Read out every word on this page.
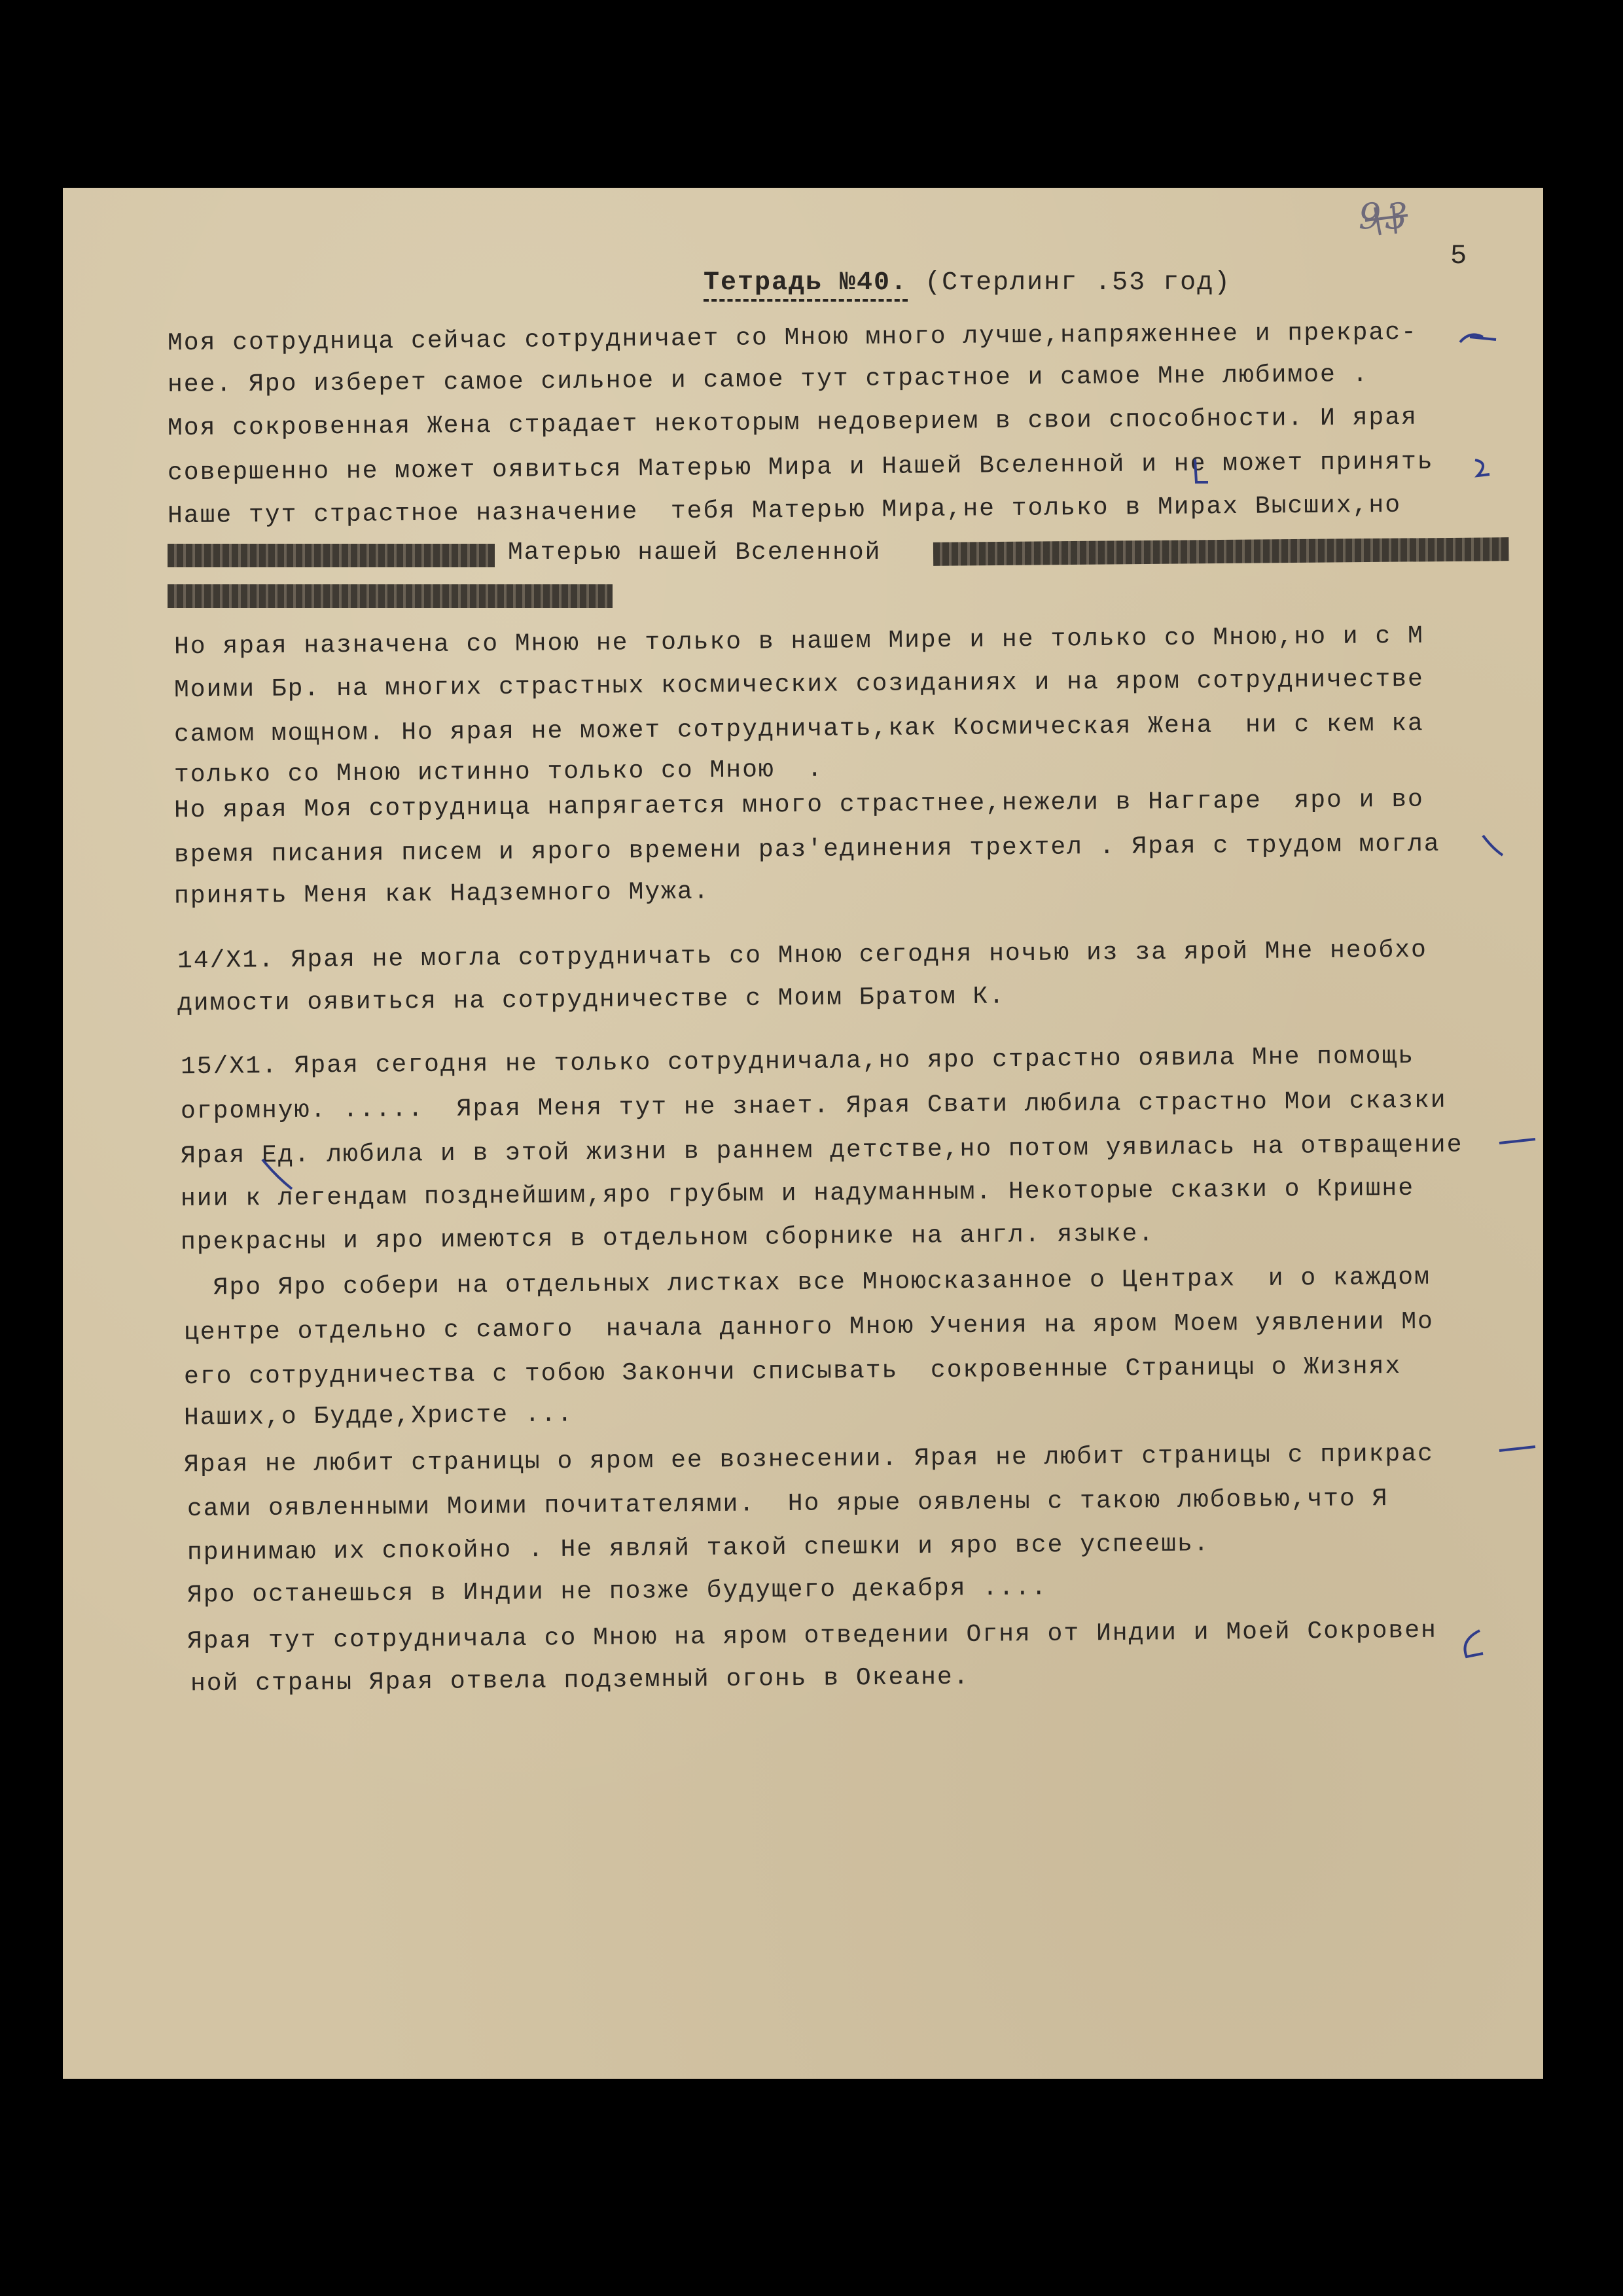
93

Тетрадь №40. (Стерлинг .53 год)

5
Моя сотрудница сейчас сотрудничает со Мною много лучше,напряженнее и прекрас-
нее. Яро изберет самое сильное и самое тут страстное и самое Мне любимое .
Моя сокровенная Жена страдает некоторым недоверием в свои способности. И ярая
совершенно не может оявиться Матерью Мира и Нашей Вселенной и не может принять
Наше тут страстное назначение  тебя Матерью Мира,не только в Мирах Высших,но
Матерью нашей Вселенной
Но ярая назначена со Мною не только в нашем Мире и не только со Мною,но и с М
Моими Бр. на многих страстных космических созиданиях и на яром сотрудничестве
самом мощном. Но ярая не может сотрудничать,как Космическая Жена  ни с кем ка
только со Мною истинно только со Мною  .
Но ярая Моя сотрудница напрягается много страстнее,нежели в Наггаре  яро и во
время писания писем и ярого времени раз'единения трехтел . Ярая с трудом могла
принять Меня как Надземного Мужа.
14/Х1. Ярая не могла сотрудничать со Мною сегодня ночью из за ярой Мне необхо
димости оявиться на сотрудничестве с Моим Братом К.
15/Х1. Ярая сегодня не только сотрудничала,но яро страстно оявила Мне помощь
огромную. .....  Ярая Меня тут не знает. Ярая Свати любила страстно Мои сказки
Ярая Ед. любила и в этой жизни в раннем детстве,но потом уявилась на отвращение
нии к легендам позднейшим,яро грубым и надуманным. Некоторые сказки о Кришне
прекрасны и яро имеются в отдельном сборнике на англ. языке.
Яро Яро собери на отдельных листках все Мноюсказанное о Центрах  и о каждом
центре отдельно с самого  начала данного Мною Учения на яром Моем уявлении Мо
его сотрудничества с тобою Закончи списывать  сокровенные Страницы о Жизнях
Наших,о Будде,Христе ...
Ярая не любит страницы о яром ее вознесении. Ярая не любит страницы с прикрас
сами оявленными Моими почитателями.  Но ярые оявлены с такою любовью,что Я
принимаю их спокойно . Не являй такой спешки и яро все успеешь.
Яро останешься в Индии не позже будущего декабря ....
Ярая тут сотрудничала со Мною на яром отведении Огня от Индии и Моей Сокровен
ной страны Ярая отвела подземный огонь в Океане.
